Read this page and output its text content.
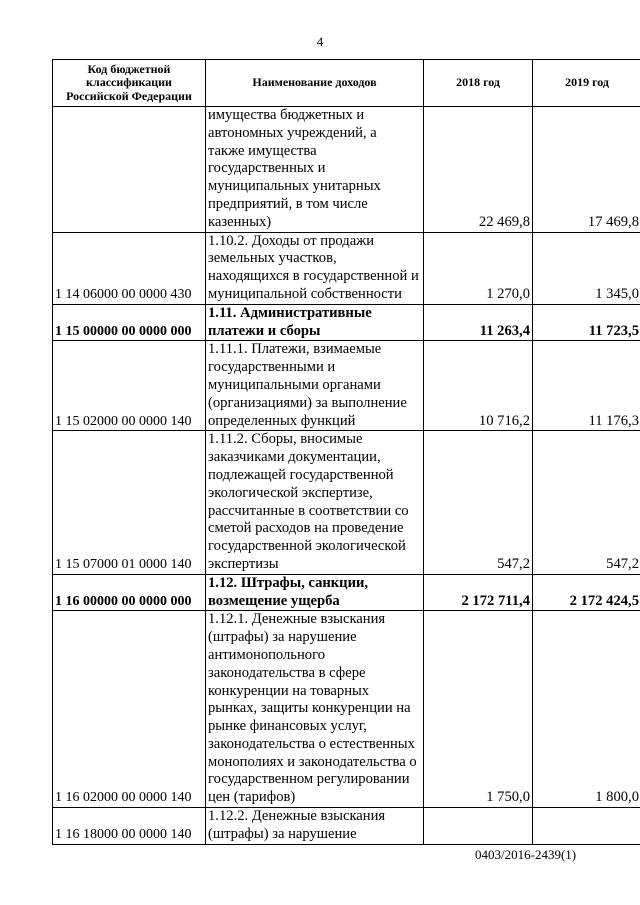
4
Код бюджетной классификации Российской Федерации	Наименование доходов	2018 год	2019 год

	имущества бюджетных и автономных учреждений, а также имущества государственных и муниципальных унитарных предприятий, в том числе казенных)	22 469,8	17 469,8
1 14 06000 00 0000 430	1.10.2. Доходы от продажи земельных участков, находящихся в государственной и муниципальной собственности	1 270,0	1 345,0
1 15 00000 00 0000 000	1.11. Административные платежи и сборы	11 263,4	11 723,5
1 15 02000 00 0000 140	1.11.1. Платежи, взимаемые государственными и муниципальными органами (организациями) за выполнение определенных функций	10 716,2	11 176,3
1 15 07000 01 0000 140	1.11.2. Сборы, вносимые заказчиками документации, подлежащей государственной экологической экспертизе, рассчитанные в соответствии со сметой расходов на проведение государственной экологической экспертизы	547,2	547,2
1 16 00000 00 0000 000	1.12. Штрафы, санкции, возмещение ущерба	2 172 711,4	2 172 424,5
1 16 02000 00 0000 140	1.12.1. Денежные взыскания (штрафы) за нарушение антимонопольного законодательства в сфере конкуренции на товарных рынках, защиты конкуренции на рынке финансовых услуг, законодательства о естественных монополиях и законодательства о государственном регулировании цен (тарифов)	1 750,0	1 800,0
1 16 18000 00 0000 140	1.12.2. Денежные взыскания (штрафы) за нарушение		

0403/2016-2439(1)
